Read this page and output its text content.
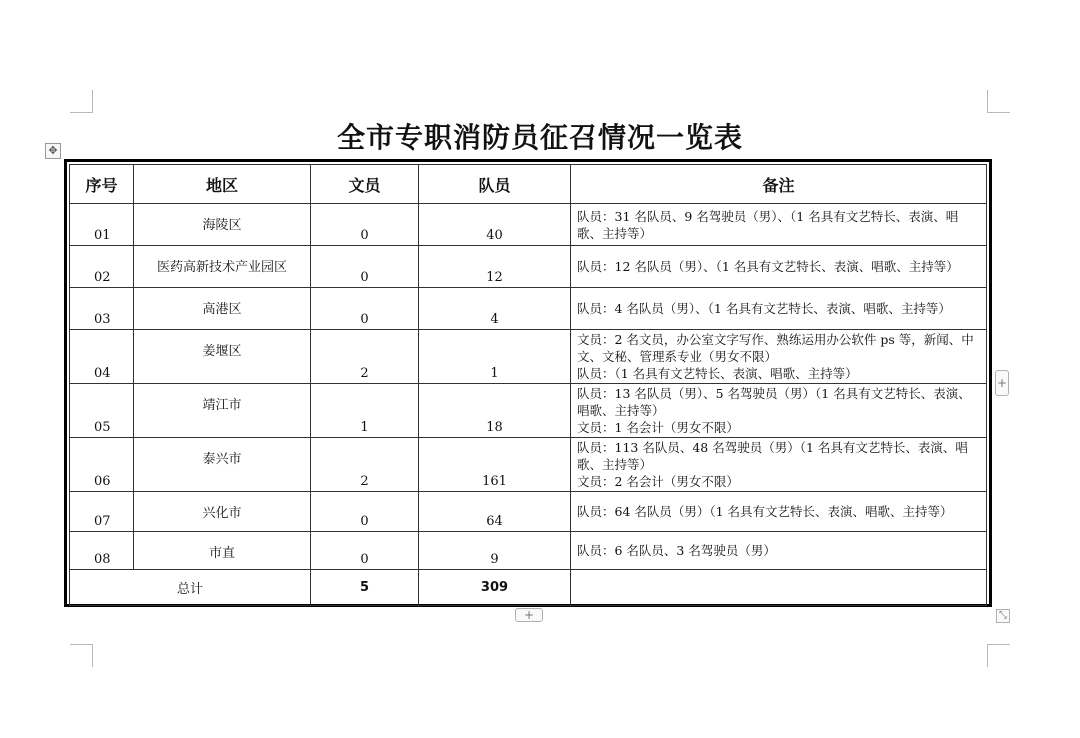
全市专职消防员征召情况一览表
✥
序号	地区	文员	队员	备注
01	海陵区	0	40	队员：31 名队员、9 名驾驶员（男）、（1 名具有文艺特长、表演、唱歌、主持等）

02	医药高新技术产业园区	0	12	队员：12 名队员（男）、（1 名具有文艺特长、表演、唱歌、主持等）

03	高港区	0	4	队员：4 名队员（男）、（1 名具有文艺特长、表演、唱歌、主持等）

04	姜堰区	2	1	文员：2 名文员，办公室文字写作、熟练运用办公软件 ps 等，新闻、中文、文秘、管理系专业（男女不限）
队员：（1 名具有文艺特长、表演、唱歌、主持等）

05	靖江市	1	18	队员：13 名队员（男）、5 名驾驶员（男）（1 名具有文艺特长、表演、唱歌、主持等）
文员：1 名会计（男女不限）

06	泰兴市	2	161	队员：113 名队员、48 名驾驶员（男）（1 名具有文艺特长、表演、唱歌、主持等）
文员：2 名会计（男女不限）

07	兴化市	0	64	队员：64 名队员（男）（1 名具有文艺特长、表演、唱歌、主持等）

08	市直	0	9	队员：6 名队员、3 名驾驶员（男）

总计		5	309	
+
+	⤡
